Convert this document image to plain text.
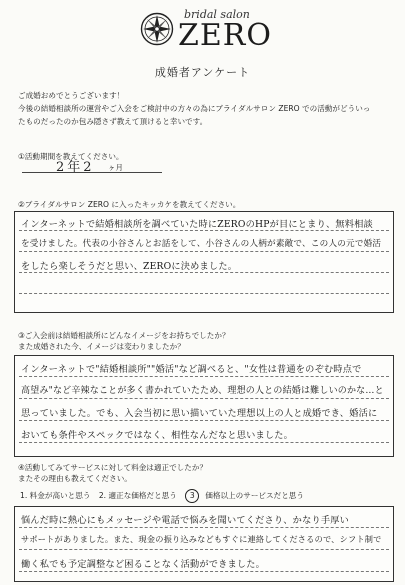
bridal salon
ZERO
成婚者アンケート

ご成婚おめでとうございます！

今後の結婚相談所の運営やご入会をご検討中の方々の為にブライダルサロン ZERO での活動がどういっ

たものだったのか包み隠さず教えて頂けると幸いです。

①活動期間を教えてください。
2年2 ヶ月
②ブライダルサロン ZERO に入ったキッカケを教えてください。
インターネットで結婚相談所を調べていた時にZEROのHPが目にとまり、無料相談
を受けました。代表の小谷さんとお話をして、小谷さんの人柄が素敵で、この人の元で婚活
をしたら楽しそうだと思い、ZEROに決めました。
③ご入会前は結婚相談所にどんなイメージをお持ちでしたか？
また成婚された今、イメージは変わりましたか？
インターネットで"結婚相談所""婚活"など調べると、"女性は普通をのぞむ時点で
高望み"など辛辣なことが多く書かれていたため、理想の人との結婚は難しいのかな…と
思っていました。でも、入会当初に思い描いていた理想以上の人と成婚でき、婚活に
おいても条件やスペックではなく、相性なんだなと思いました。
④活動してみてサービスに対して料金は適正でしたか？
またその理由も教えてください。
1. 料金が高いと思う 2. 適正な価格だと思う 3 価格以上のサービスだと思う
悩んだ時に熱心にもメッセージや電話で悩みを聞いてくださり、かなり手厚い
サポートがありました。また、現金の振り込みなどもすぐに連絡してくださるので、シフト制で
働く私でも予定調整など困ることなく活動ができました。
